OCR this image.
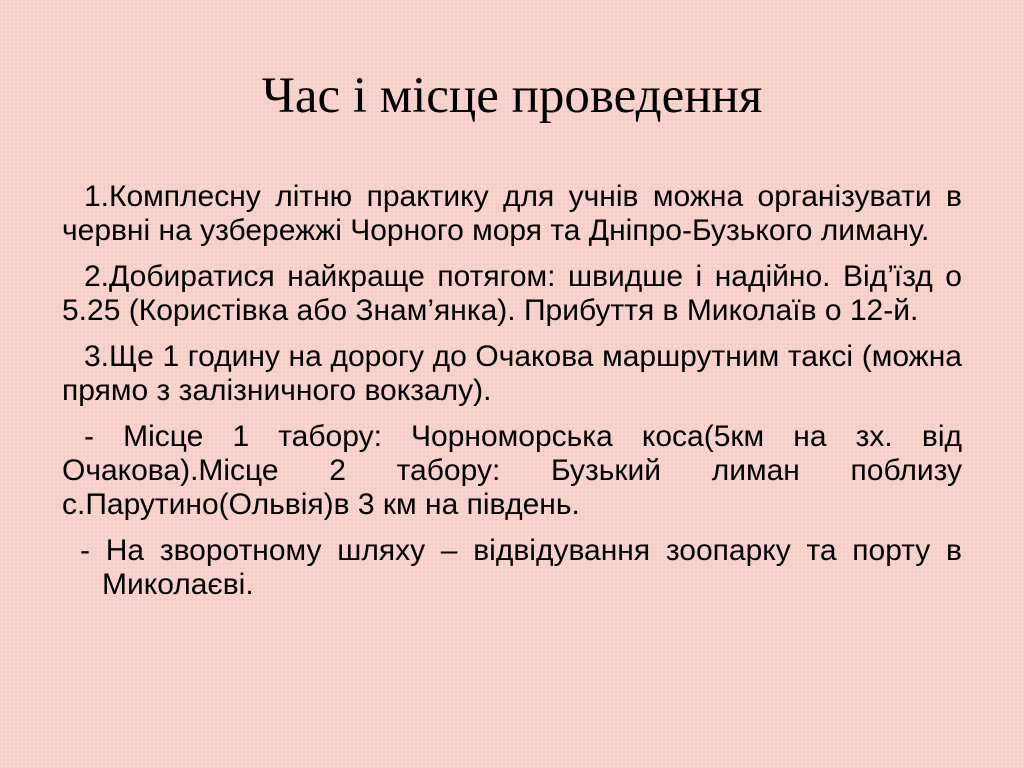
Час і місце проведення

1.Комплесну літню практику для учнів можна організувати в червні на узбережжі Чорного моря та Дніпро-Бузького лиману.

2.Добиратися найкраще потягом: швидше і надійно. Від’їзд о 5.25 (Користівка або Знам’янка). Прибуття в Миколаїв о 12-й.

3.Ще 1 годину на дорогу до Очакова маршрутним таксі (можна прямо з залізничного вокзалу).

- Місце 1 табору: Чорноморська коса(5км на зх. від Очакова).Місце 2 табору: Бузький лиман поблизу с.Парутино(Ольвія)в 3 км на південь.

- На зворотному шляху – відвідування зоопарку та порту в Миколаєві.
